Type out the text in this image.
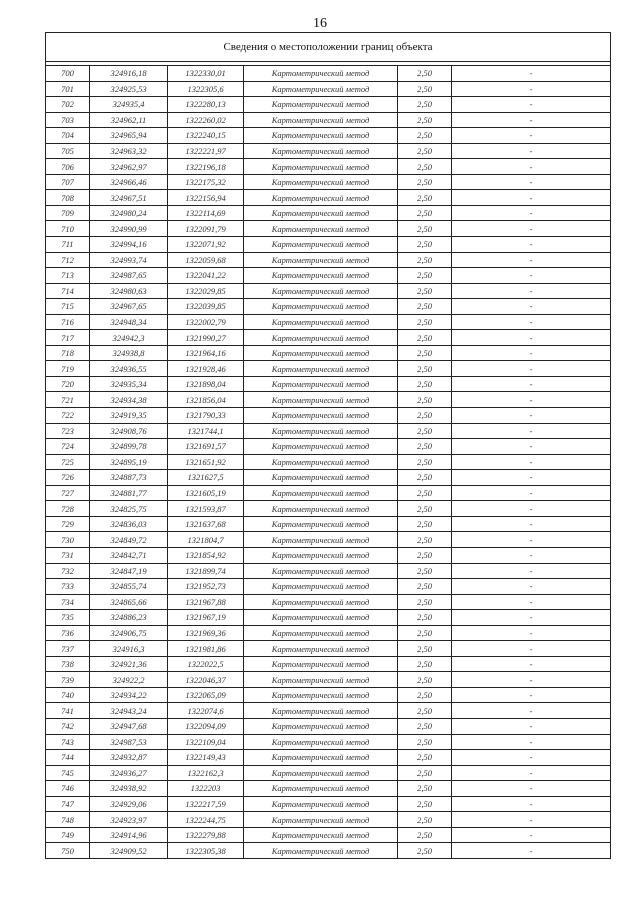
16
Сведения о местоположении границ объекта					

700	324916,18	1322330,01	Картометрический метод	2,50	-
701	324925,53	1322305,6	Картометрический метод	2,50	-
702	324935,4	1322280,13	Картометрический метод	2,50	-
703	324962,11	1322260,02	Картометрический метод	2,50	-
704	324965,94	1322240,15	Картометрический метод	2,50	-
705	324963,32	1322221,97	Картометрический метод	2,50	-
706	324962,97	1322196,18	Картометрический метод	2,50	-
707	324966,46	1322175,32	Картометрический метод	2,50	-
708	324967,51	1322156,94	Картометрический метод	2,50	-
709	324980,24	1322114,69	Картометрический метод	2,50	-
710	324990,99	1322091,79	Картометрический метод	2,50	-
711	324994,16	1322071,92	Картометрический метод	2,50	-
712	324993,74	1322059,68	Картометрический метод	2,50	-
713	324987,65	1322041,22	Картометрический метод	2,50	-
714	324980,63	1322029,85	Картометрический метод	2,50	-
715	324967,65	1322039,85	Картометрический метод	2,50	-
716	324948,34	1322002,79	Картометрический метод	2,50	-
717	324942,3	1321990,27	Картометрический метод	2,50	-
718	324938,8	1321964,16	Картометрический метод	2,50	-
719	324936,55	1321928,46	Картометрический метод	2,50	-
720	324935,34	1321898,04	Картометрический метод	2,50	-
721	324934,38	1321856,04	Картометрический метод	2,50	-
722	324919,35	1321790,33	Картометрический метод	2,50	-
723	324908,76	1321744,1	Картометрический метод	2,50	-
724	324899,78	1321691,57	Картометрический метод	2,50	-
725	324895,19	1321651,92	Картометрический метод	2,50	-
726	324887,73	1321627,5	Картометрический метод	2,50	-
727	324881,77	1321605,19	Картометрический метод	2,50	-
728	324825,75	1321593,87	Картометрический метод	2,50	-
729	324836,03	1321637,68	Картометрический метод	2,50	-
730	324849,72	1321804,7	Картометрический метод	2,50	-
731	324842,71	1321854,92	Картометрический метод	2,50	-
732	324847,19	1321899,74	Картометрический метод	2,50	-
733	324855,74	1321952,73	Картометрический метод	2,50	-
734	324865,66	1321967,88	Картометрический метод	2,50	-
735	324886,23	1321967,19	Картометрический метод	2,50	-
736	324906,75	1321969,36	Картометрический метод	2,50	-
737	324916,3	1321981,86	Картометрический метод	2,50	-
738	324921,36	1322022,5	Картометрический метод	2,50	-
739	324922,2	1322046,37	Картометрический метод	2,50	-
740	324934,22	1322065,09	Картометрический метод	2,50	-
741	324943,24	1322074,6	Картометрический метод	2,50	-
742	324947,68	1322094,09	Картометрический метод	2,50	-
743	324987,53	1322109,04	Картометрический метод	2,50	-
744	324932,87	1322149,43	Картометрический метод	2,50	-
745	324936,27	1322162,3	Картометрический метод	2,50	-
746	324938,92	1322203	Картометрический метод	2,50	-
747	324929,06	1322217,59	Картометрический метод	2,50	-
748	324923,97	1322244,75	Картометрический метод	2,50	-
749	324914,96	1322279,88	Картометрический метод	2,50	-
750	324909,52	1322305,38	Картометрический метод	2,50	-
